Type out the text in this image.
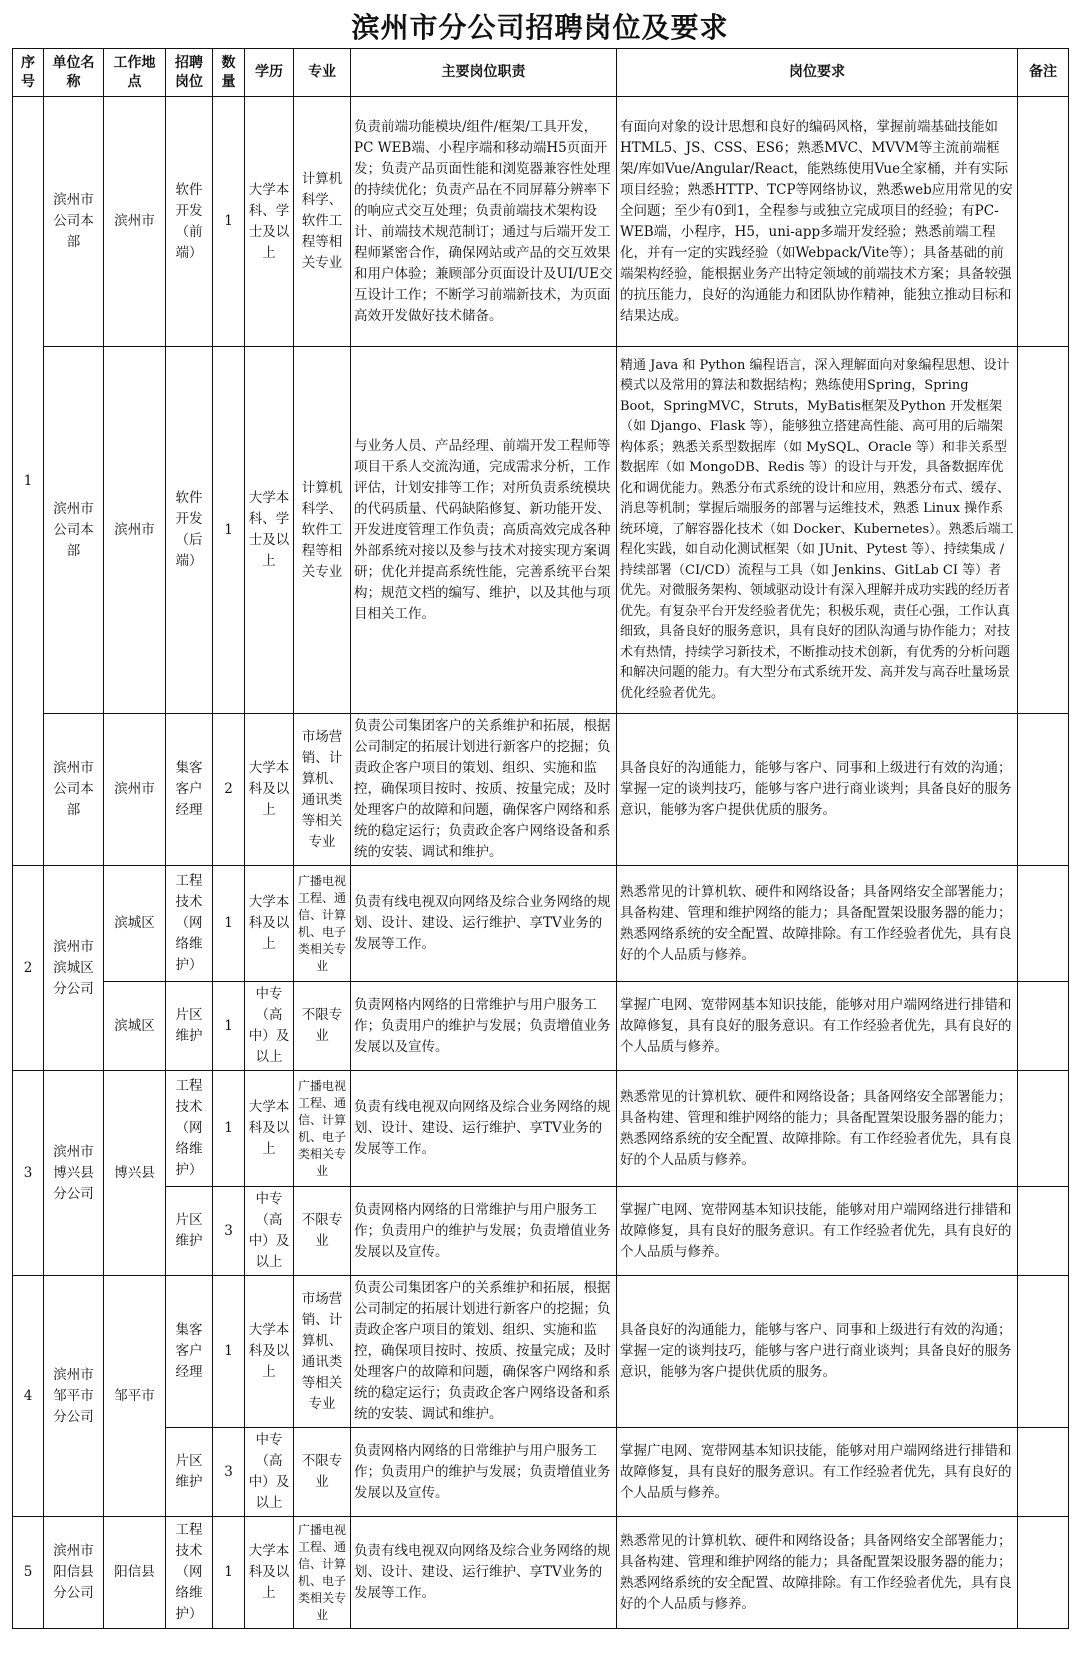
滨州市分公司招聘岗位及要求
序号	单位名称	工作地点	招聘岗位	数量	学历	专业	主要岗位职责	岗位要求	备注
1	滨州市公司本部	滨州市	软件开发（前端）	1	大学本科、学士及以上	计算机科学、软件工程等相关专业	负责前端功能模块/组件/框架/工具开发，PC WEB端、小程序端和移动端H5页面开发；负责产品页面性能和浏览器兼容性处理的持续优化；负责产品在不同屏幕分辨率下的响应式交互处理；负责前端技术架构设计、前端技术规范制订；通过与后端开发工程师紧密合作，确保网站或产品的交互效果和用户体验；兼顾部分页面设计及UI/UE交互设计工作；不断学习前端新技术，为页面高效开发做好技术储备。	有面向对象的设计思想和良好的编码风格，掌握前端基础技能如HTML5、JS、CSS、ES6；熟悉MVC、MVVM等主流前端框架/库如Vue/Angular/React，能熟练使用Vue全家桶，并有实际项目经验；熟悉HTTP、TCP等网络协议，熟悉web应用常见的安全问题；至少有0到1，全程参与或独立完成项目的经验；有PC-WEB端，小程序，H5，uni-app多端开发经验；熟悉前端工程化，并有一定的实践经验（如Webpack/Vite等）；具备基础的前端架构经验，能根据业务产出特定领域的前端技术方案；具备较强的抗压能力，良好的沟通能力和团队协作精神，能独立推动目标和结果达成。	
	滨州市公司本部	滨州市	软件开发（后端）	1	大学本科、学士及以上	计算机科学、软件工程等相关专业	与业务人员、产品经理、前端开发工程师等项目干系人交流沟通，完成需求分析，工作评估，计划安排等工作；对所负责系统模块的代码质量、代码缺陷修复、新功能开发、开发进度管理工作负责；高质高效完成各种外部系统对接以及参与技术对接实现方案调研；优化并提高系统性能，完善系统平台架构；规范文档的编写、维护，以及其他与项目相关工作。	精通 Java 和 Python 编程语言，深入理解面向对象编程思想、设计模式以及常用的算法和数据结构；熟练使用Spring，Spring Boot，SpringMVC，Struts，MyBatis框架及Python 开发框架（如 Django、Flask 等），能够独立搭建高性能、高可用的后端架构体系；熟悉关系型数据库（如 MySQL、Oracle 等）和非关系型数据库（如 MongoDB、Redis 等）的设计与开发，具备数据库优化和调优能力。熟悉分布式系统的设计和应用，熟悉分布式、缓存、消息等机制；掌握后端服务的部署与运维技术，熟悉 Linux 操作系统环境，了解容器化技术（如 Docker、Kubernetes）。熟悉后端工程化实践，如自动化测试框架（如 JUnit、Pytest 等）、持续集成 / 持续部署（CI/CD）流程与工具（如 Jenkins、GitLab CI 等）者优先。对微服务架构、领域驱动设计有深入理解并成功实践的经历者优先。有复杂平台开发经验者优先；积极乐观，责任心强，工作认真细致，具备良好的服务意识，具有良好的团队沟通与协作能力；对技术有热情，持续学习新技术，不断推动技术创新，有优秀的分析问题和解决问题的能力。有大型分布式系统开发、高并发与高吞吐量场景优化经验者优先。	
	滨州市公司本部	滨州市	集客客户经理	2	大学本科及以上	市场营销、计算机、通讯类等相关专业	负责公司集团客户的关系维护和拓展，根据公司制定的拓展计划进行新客户的挖掘；负责政企客户项目的策划、组织、实施和监控，确保项目按时、按质、按量完成；及时处理客户的故障和问题，确保客户网络和系统的稳定运行；负责政企客户网络设备和系统的安装、调试和维护。	具备良好的沟通能力，能够与客户、同事和上级进行有效的沟通；掌握一定的谈判技巧，能够与客户进行商业谈判；具备良好的服务意识，能够为客户提供优质的服务。	
2	滨州市滨城区分公司	滨城区	工程技术（网络维护）	1	大学本科及以上	广播电视工程、通信、计算机、电子类相关专业	负责有线电视双向网络及综合业务网络的规划、设计、建设、运行维护、享TV业务的发展等工作。	熟悉常见的计算机软、硬件和网络设备；具备网络安全部署能力；具备构建、管理和维护网络的能力；具备配置架设服务器的能力；熟悉网络系统的安全配置、故障排除。有工作经验者优先，具有良好的个人品质与修养。	
		滨城区	片区维护	1	中专（高中）及以上	不限专业	负责网格内网络的日常维护与用户服务工作；负责用户的维护与发展；负责增值业务发展以及宣传。	掌握广电网、宽带网基本知识技能，能够对用户端网络进行排错和故障修复，具有良好的服务意识。有工作经验者优先，具有良好的个人品质与修养。	
3	滨州市博兴县分公司	博兴县	工程技术（网络维护）	1	大学本科及以上	广播电视工程、通信、计算机、电子类相关专业	负责有线电视双向网络及综合业务网络的规划、设计、建设、运行维护、享TV业务的发展等工作。	熟悉常见的计算机软、硬件和网络设备；具备网络安全部署能力；具备构建、管理和维护网络的能力；具备配置架设服务器的能力；熟悉网络系统的安全配置、故障排除。有工作经验者优先，具有良好的个人品质与修养。	
			片区维护	3	中专（高中）及以上	不限专业	负责网格内网络的日常维护与用户服务工作；负责用户的维护与发展；负责增值业务发展以及宣传。	掌握广电网、宽带网基本知识技能，能够对用户端网络进行排错和故障修复，具有良好的服务意识。有工作经验者优先，具有良好的个人品质与修养。	
4	滨州市邹平市分公司	邹平市	集客客户经理	1	大学本科及以上	市场营销、计算机、通讯类等相关专业	负责公司集团客户的关系维护和拓展，根据公司制定的拓展计划进行新客户的挖掘；负责政企客户项目的策划、组织、实施和监控，确保项目按时、按质、按量完成；及时处理客户的故障和问题，确保客户网络和系统的稳定运行；负责政企客户网络设备和系统的安装、调试和维护。	具备良好的沟通能力，能够与客户、同事和上级进行有效的沟通；掌握一定的谈判技巧，能够与客户进行商业谈判；具备良好的服务意识，能够为客户提供优质的服务。	
			片区维护	3	中专（高中）及以上	不限专业	负责网格内网络的日常维护与用户服务工作；负责用户的维护与发展；负责增值业务发展以及宣传。	掌握广电网、宽带网基本知识技能，能够对用户端网络进行排错和故障修复，具有良好的服务意识。有工作经验者优先，具有良好的个人品质与修养。	
5	滨州市阳信县分公司	阳信县	工程技术（网络维护）	1	大学本科及以上	广播电视工程、通信、计算机、电子类相关专业	负责有线电视双向网络及综合业务网络的规划、设计、建设、运行维护、享TV业务的发展等工作。	熟悉常见的计算机软、硬件和网络设备；具备网络安全部署能力；具备构建、管理和维护网络的能力；具备配置架设服务器的能力；熟悉网络系统的安全配置、故障排除。有工作经验者优先，具有良好的个人品质与修养。	
